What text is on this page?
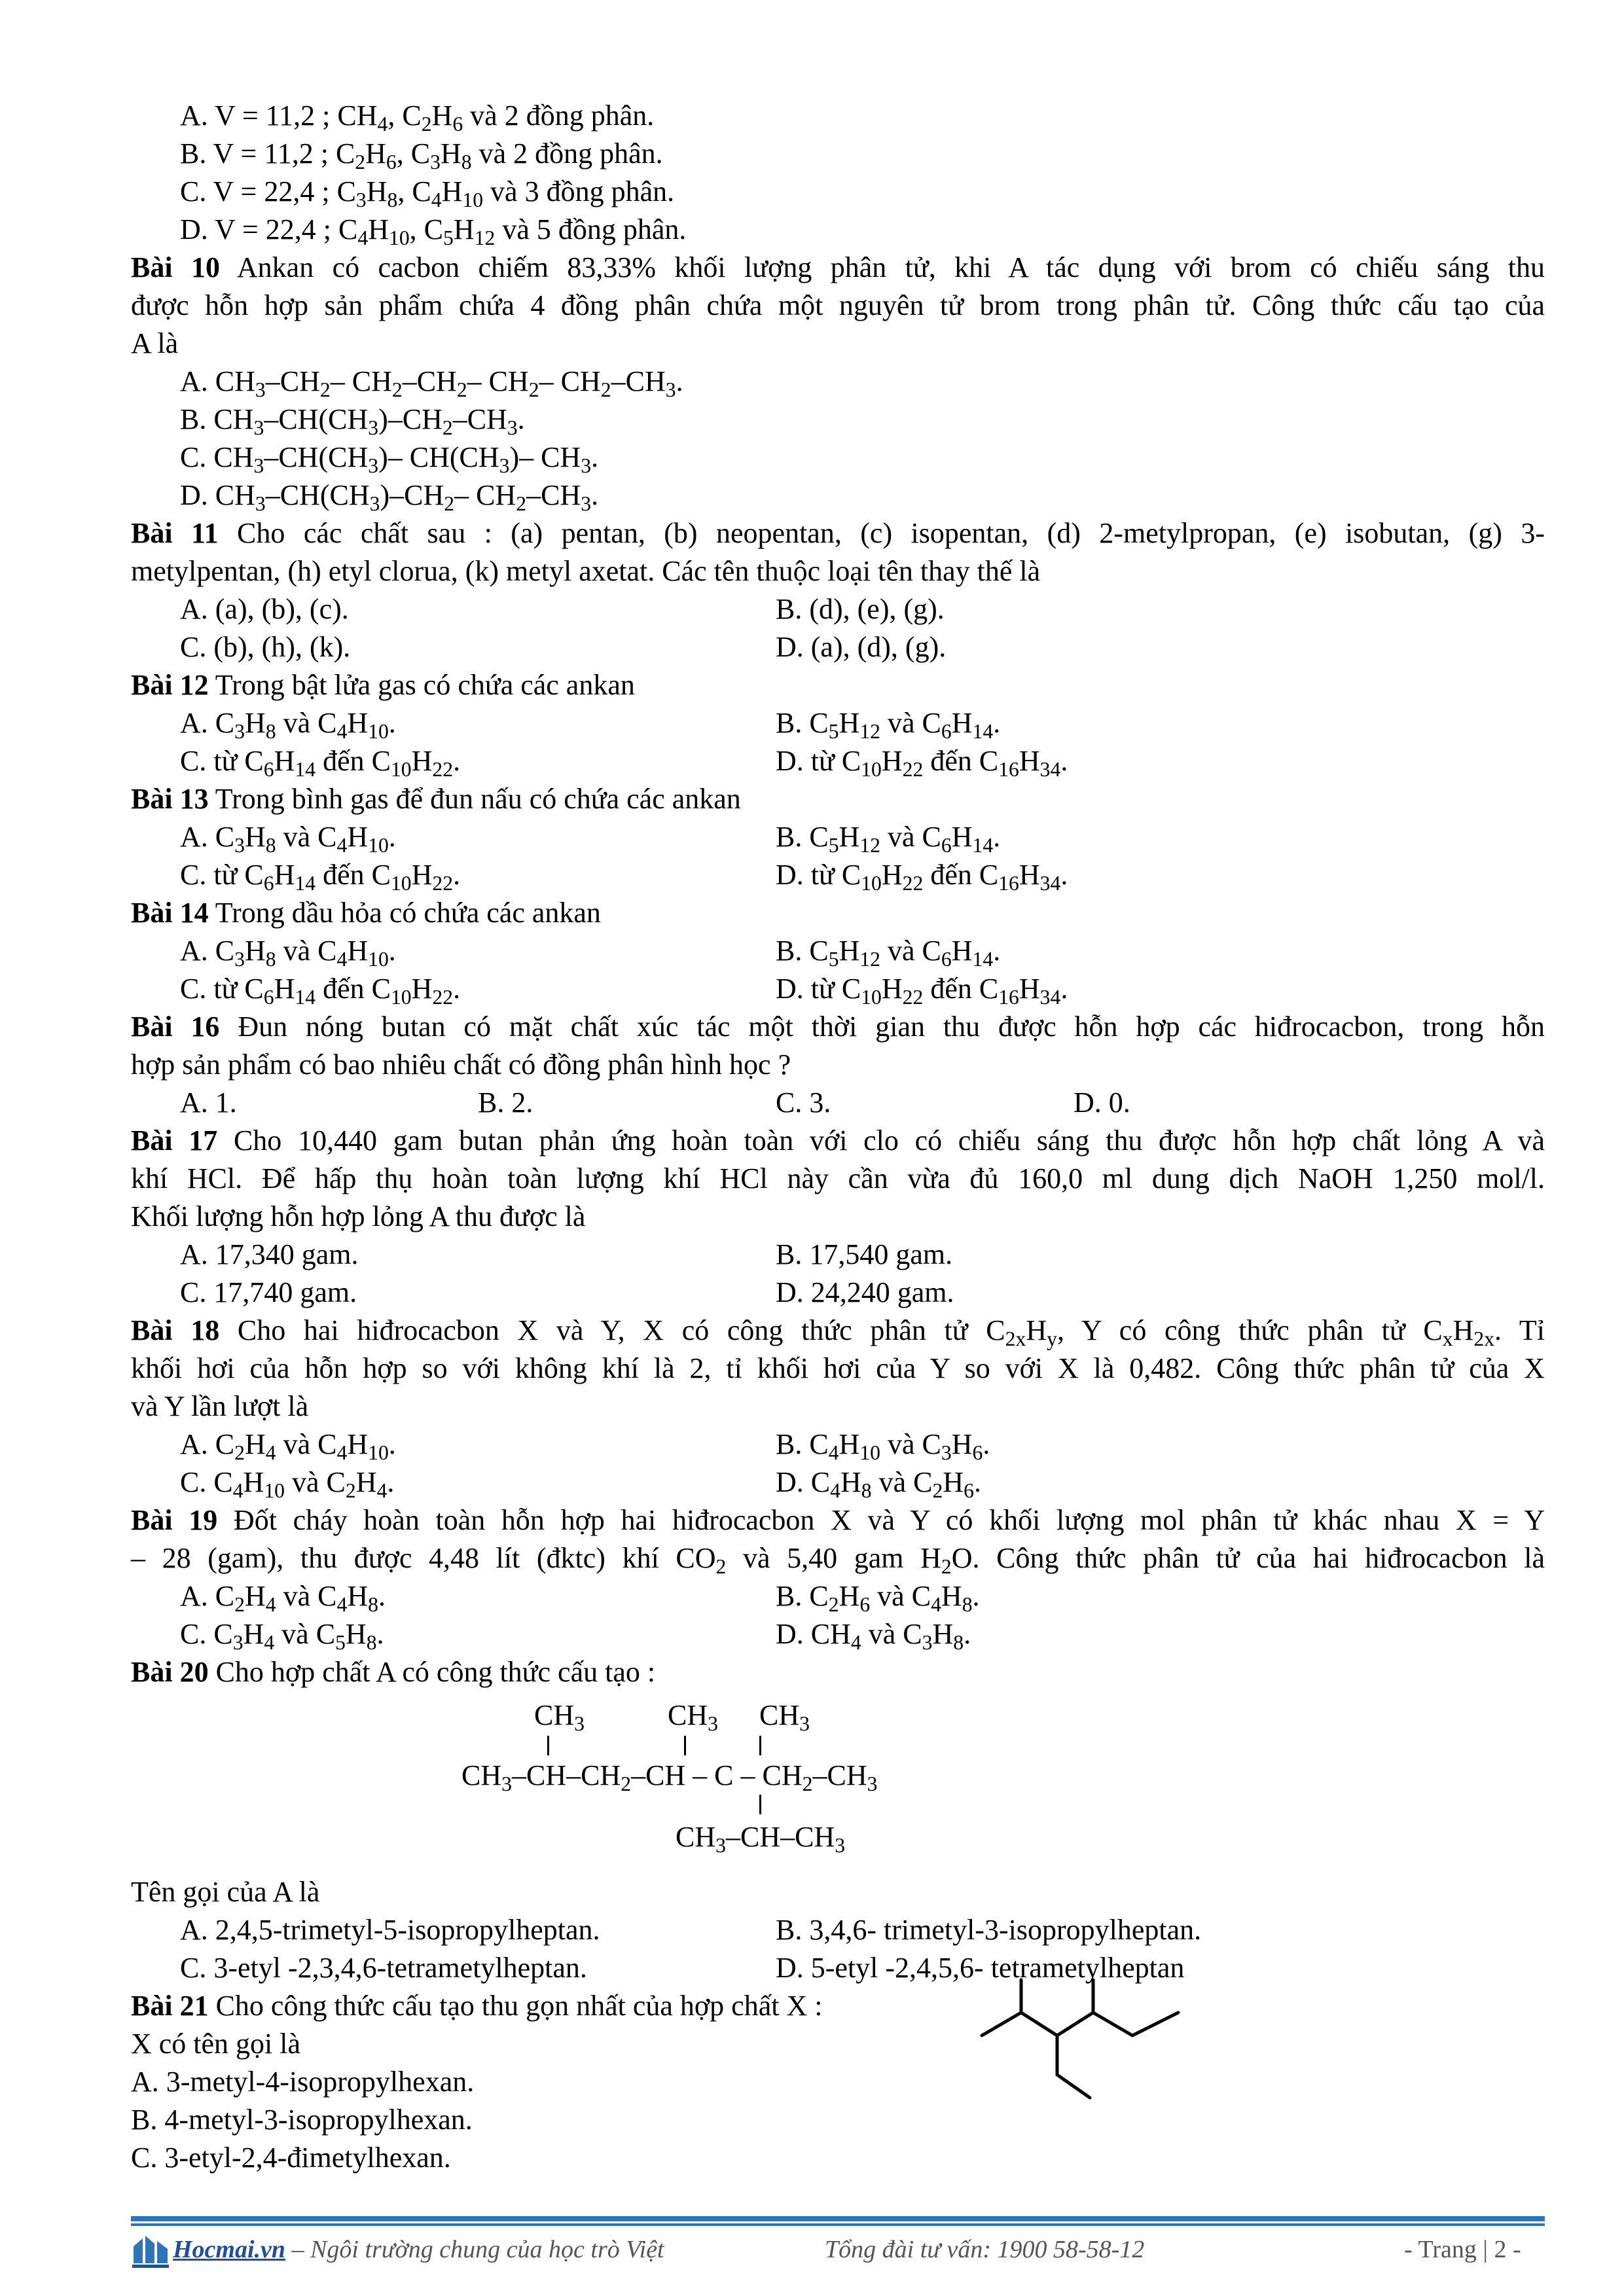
A. V = 11,2 ; $CH_4$, $C_2H_6$ và 2 đồng phân.
B. V = 11,2 ; $C_2H_6$, $C_3H_8$ và 2 đồng phân.
C. V = 22,4 ; $C_3H_8$, $C_4H_{10}$ và 3 đồng phân.
D. V = 22,4 ; $C_4H_{10}$, $C_5H_{12}$ và 5 đồng phân.
Bài 10 Ankan có cacbon chiếm 83,33% khối lượng phân tử, khi A tác dụng với brom có chiếu sáng thu
được hỗn hợp sản phẩm chứa 4 đồng phân chứa một nguyên tử brom trong phân tử. Công thức cấu tạo của
A là
A. $CH_3-CH_2-$ $CH_2-CH_2-$ $CH_2-$ $CH_2-CH_3$.
B. $CH_3-CH(CH_3)-CH_2-CH_3$.
C. $CH_3-CH(CH_3)-$ $CH(CH_3)-$ $CH_3$.
D. $CH_3-CH(CH_3)-CH_2-$ $CH_2-CH_3$.
Bài 11 Cho các chất sau : (a) pentan, (b) neopentan, (c) isopentan, (d) 2-metylpropan, (e) isobutan, (g) 3-
metylpentan, (h) etyl clorua, (k) metyl axetat. Các tên thuộc loại tên thay thế là
A. (a), (b), (c).	B. (d), (e), (g).
C. (b), (h), (k).	D. (a), (d), (g).
Bài 12 Trong bật lửa gas có chứa các ankan
A. $C_3H_8$ và $C_4H_{10}$.	B. $C_5H_{12}$ và $C_6H_{14}$.
C. từ $C_6H_{14}$ đến $C_{10}H_{22}$.	D. từ $C_{10}H_{22}$ đến $C_{16}H_{34}$.
Bài 13 Trong bình gas để đun nấu có chứa các ankan
A. $C_3H_8$ và $C_4H_{10}$.	B. $C_5H_{12}$ và $C_6H_{14}$.
C. từ $C_6H_{14}$ đến $C_{10}H_{22}$.	D. từ $C_{10}H_{22}$ đến $C_{16}H_{34}$.
Bài 14 Trong dầu hỏa có chứa các ankan
A. $C_3H_8$ và $C_4H_{10}$.	B. $C_5H_{12}$ và $C_6H_{14}$.
C. từ $C_6H_{14}$ đến $C_{10}H_{22}$.	D. từ $C_{10}H_{22}$ đến $C_{16}H_{34}$.
Bài 16 Đun nóng butan có mặt chất xúc tác một thời gian thu được hỗn hợp các hiđrocacbon, trong hỗn
hợp sản phẩm có bao nhiêu chất có đồng phân hình học ?
A. 1.	B. 2.	C. 3.	D. 0.
Bài 17 Cho 10,440 gam butan phản ứng hoàn toàn với clo có chiếu sáng thu được hỗn hợp chất lỏng A và
khí HCl. Để hấp thụ hoàn toàn lượng khí HCl này cần vừa đủ 160,0 ml dung dịch NaOH 1,250 mol/l.
Khối lượng hỗn hợp lỏng A thu được là
A. 17,340 gam.	B. 17,540 gam.
C. 17,740 gam.	D. 24,240 gam.
Bài 18 Cho hai hiđrocacbon X và Y, X có công thức phân tử $C_{2x}H_y$, Y có công thức phân tử $C_xH_{2x}$. Tỉ
khối hơi của hỗn hợp so với không khí là 2, tỉ khối hơi của Y so với X là 0,482. Công thức phân tử của X
và Y lần lượt là
A. $C_2H_4$ và $C_4H_{10}$.	B. $C_4H_{10}$ và $C_3H_6$.
C. $C_4H_{10}$ và $C_2H_4$.	D. $C_4H_8$ và $C_2H_6$.
Bài 19 Đốt cháy hoàn toàn hỗn hợp hai hiđrocacbon X và Y có khối lượng mol phân tử khác nhau X = Y
– 28 (gam), thu được 4,48 lít (đktc) khí $CO_2$ và 5,40 gam $H_2O$. Công thức phân tử của hai hiđrocacbon là
A. $C_2H_4$ và $C_4H_8$.	B. $C_2H_6$ và $C_4H_8$.
C. $C_3H_4$ và $C_5H_8$.	D. $CH_4$ và $C_3H_8$.
Bài 20 Cho hợp chất A có công thức cấu tạo :
$CH_3$	$CH_3$ $CH_3$
$CH_3-CH-CH_2-CH$ – C – $CH_2-CH_3$
$CH_3-CH-CH_3$
Tên gọi của A là
A. 2,4,5-trimetyl-5-isopropylheptan.	B. 3,4,6- trimetyl-3-isopropylheptan.
C. 3-etyl -2,3,4,6-tetrametylheptan.	D. 5-etyl -2,4,5,6- tetrametylheptan
Bài 21 Cho công thức cấu tạo thu gọn nhất của hợp chất X :
X có tên gọi là
A. 3-metyl-4-isopropylhexan.
B. 4-metyl-3-isopropylhexan.
C. 3-etyl-2,4-đimetylhexan.
Hocmai.vn – Ngôi trường chung của học trò Việt	Tổng đài tư vấn: 1900 58-58-12	- Trang | 2 -
